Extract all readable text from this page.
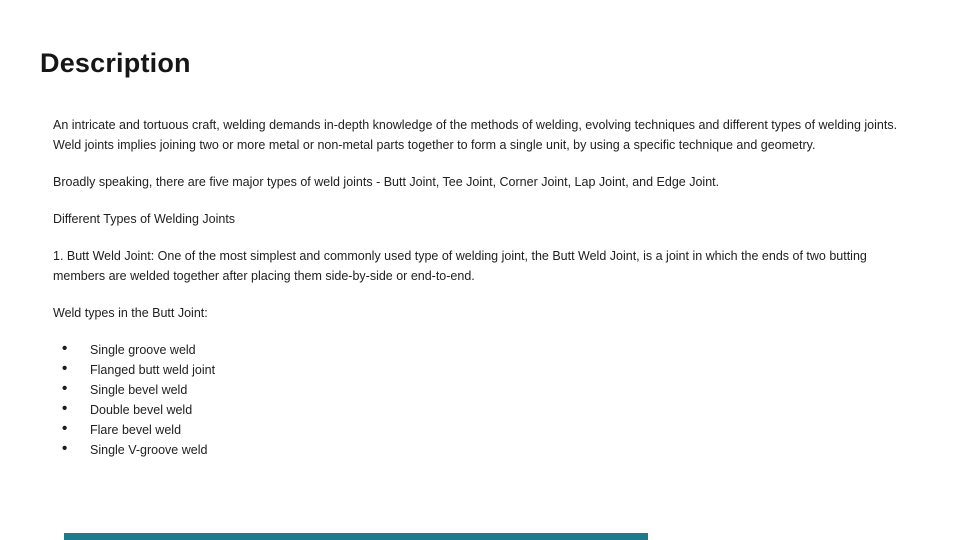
Description

An intricate and tortuous craft, welding demands in-depth knowledge of the methods of welding, evolving techniques and different types of welding joints. Weld joints implies joining two or more metal or non-metal parts together to form a single unit, by using a specific technique and geometry.

Broadly speaking, there are five major types of weld joints - Butt Joint, Tee Joint, Corner Joint, Lap Joint, and Edge Joint.

Different Types of Welding Joints

1. Butt Weld Joint: One of the most simplest and commonly used type of welding joint, the Butt Weld Joint, is a joint in which the ends of two butting members are welded together after placing them side-by-side or end-to-end.

Weld types in the Butt Joint:

• Single groove weld
• Flanged butt weld joint
• Single bevel weld
• Double bevel weld
• Flare bevel weld
• Single V-groove weld
